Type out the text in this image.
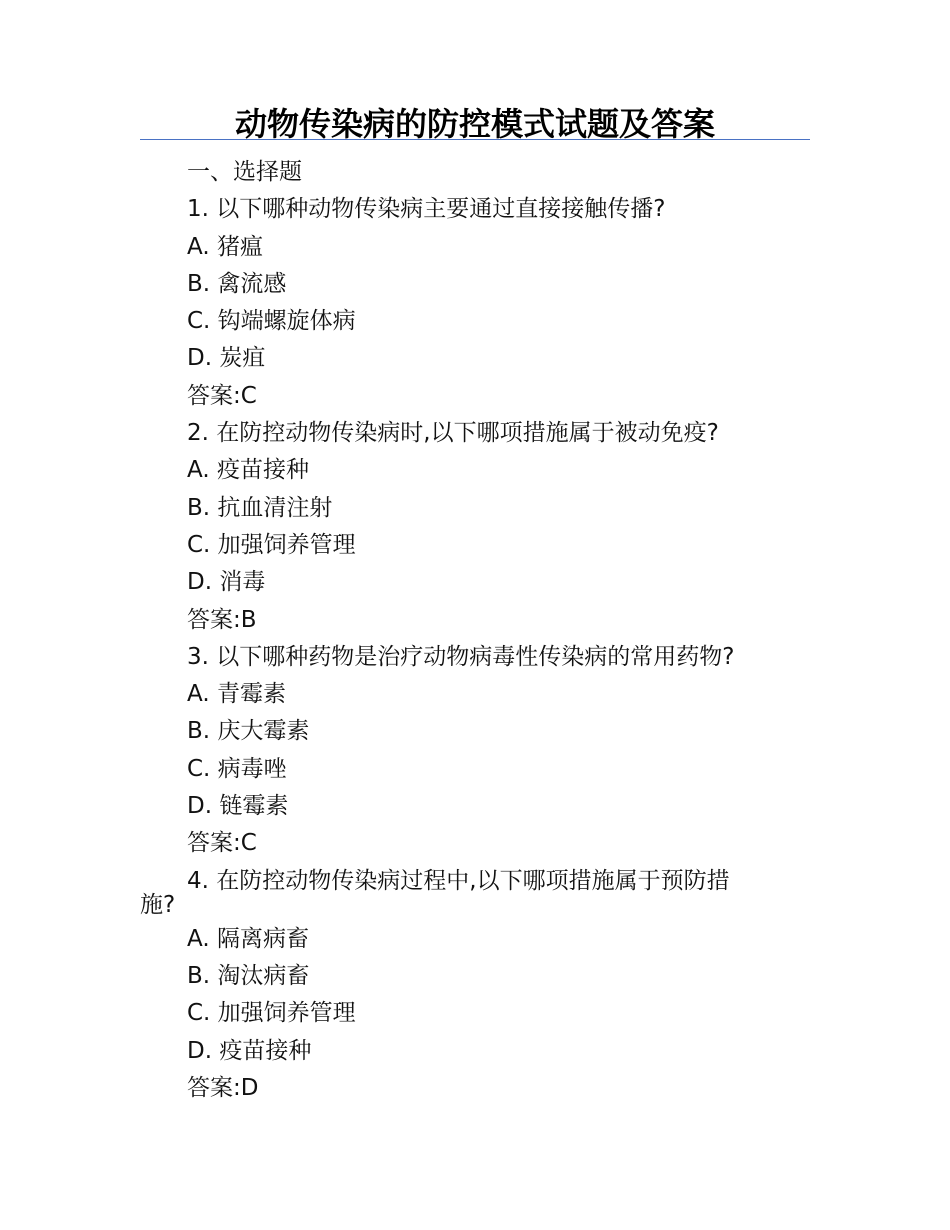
动物传染病的防控模式试题及答案
一、选择题
1. 以下哪种动物传染病主要通过直接接触传播?
A. 猪瘟
B. 禽流感
C. 钩端螺旋体病
D. 炭疽
答案:C
2. 在防控动物传染病时,以下哪项措施属于被动免疫?
A. 疫苗接种
B. 抗血清注射
C. 加强饲养管理
D. 消毒
答案:B
3. 以下哪种药物是治疗动物病毒性传染病的常用药物?
A. 青霉素
B. 庆大霉素
C. 病毒唑
D. 链霉素
答案:C
4. 在防控动物传染病过程中,以下哪项措施属于预防措
施?
A. 隔离病畜
B. 淘汰病畜
C. 加强饲养管理
D. 疫苗接种
答案:D
